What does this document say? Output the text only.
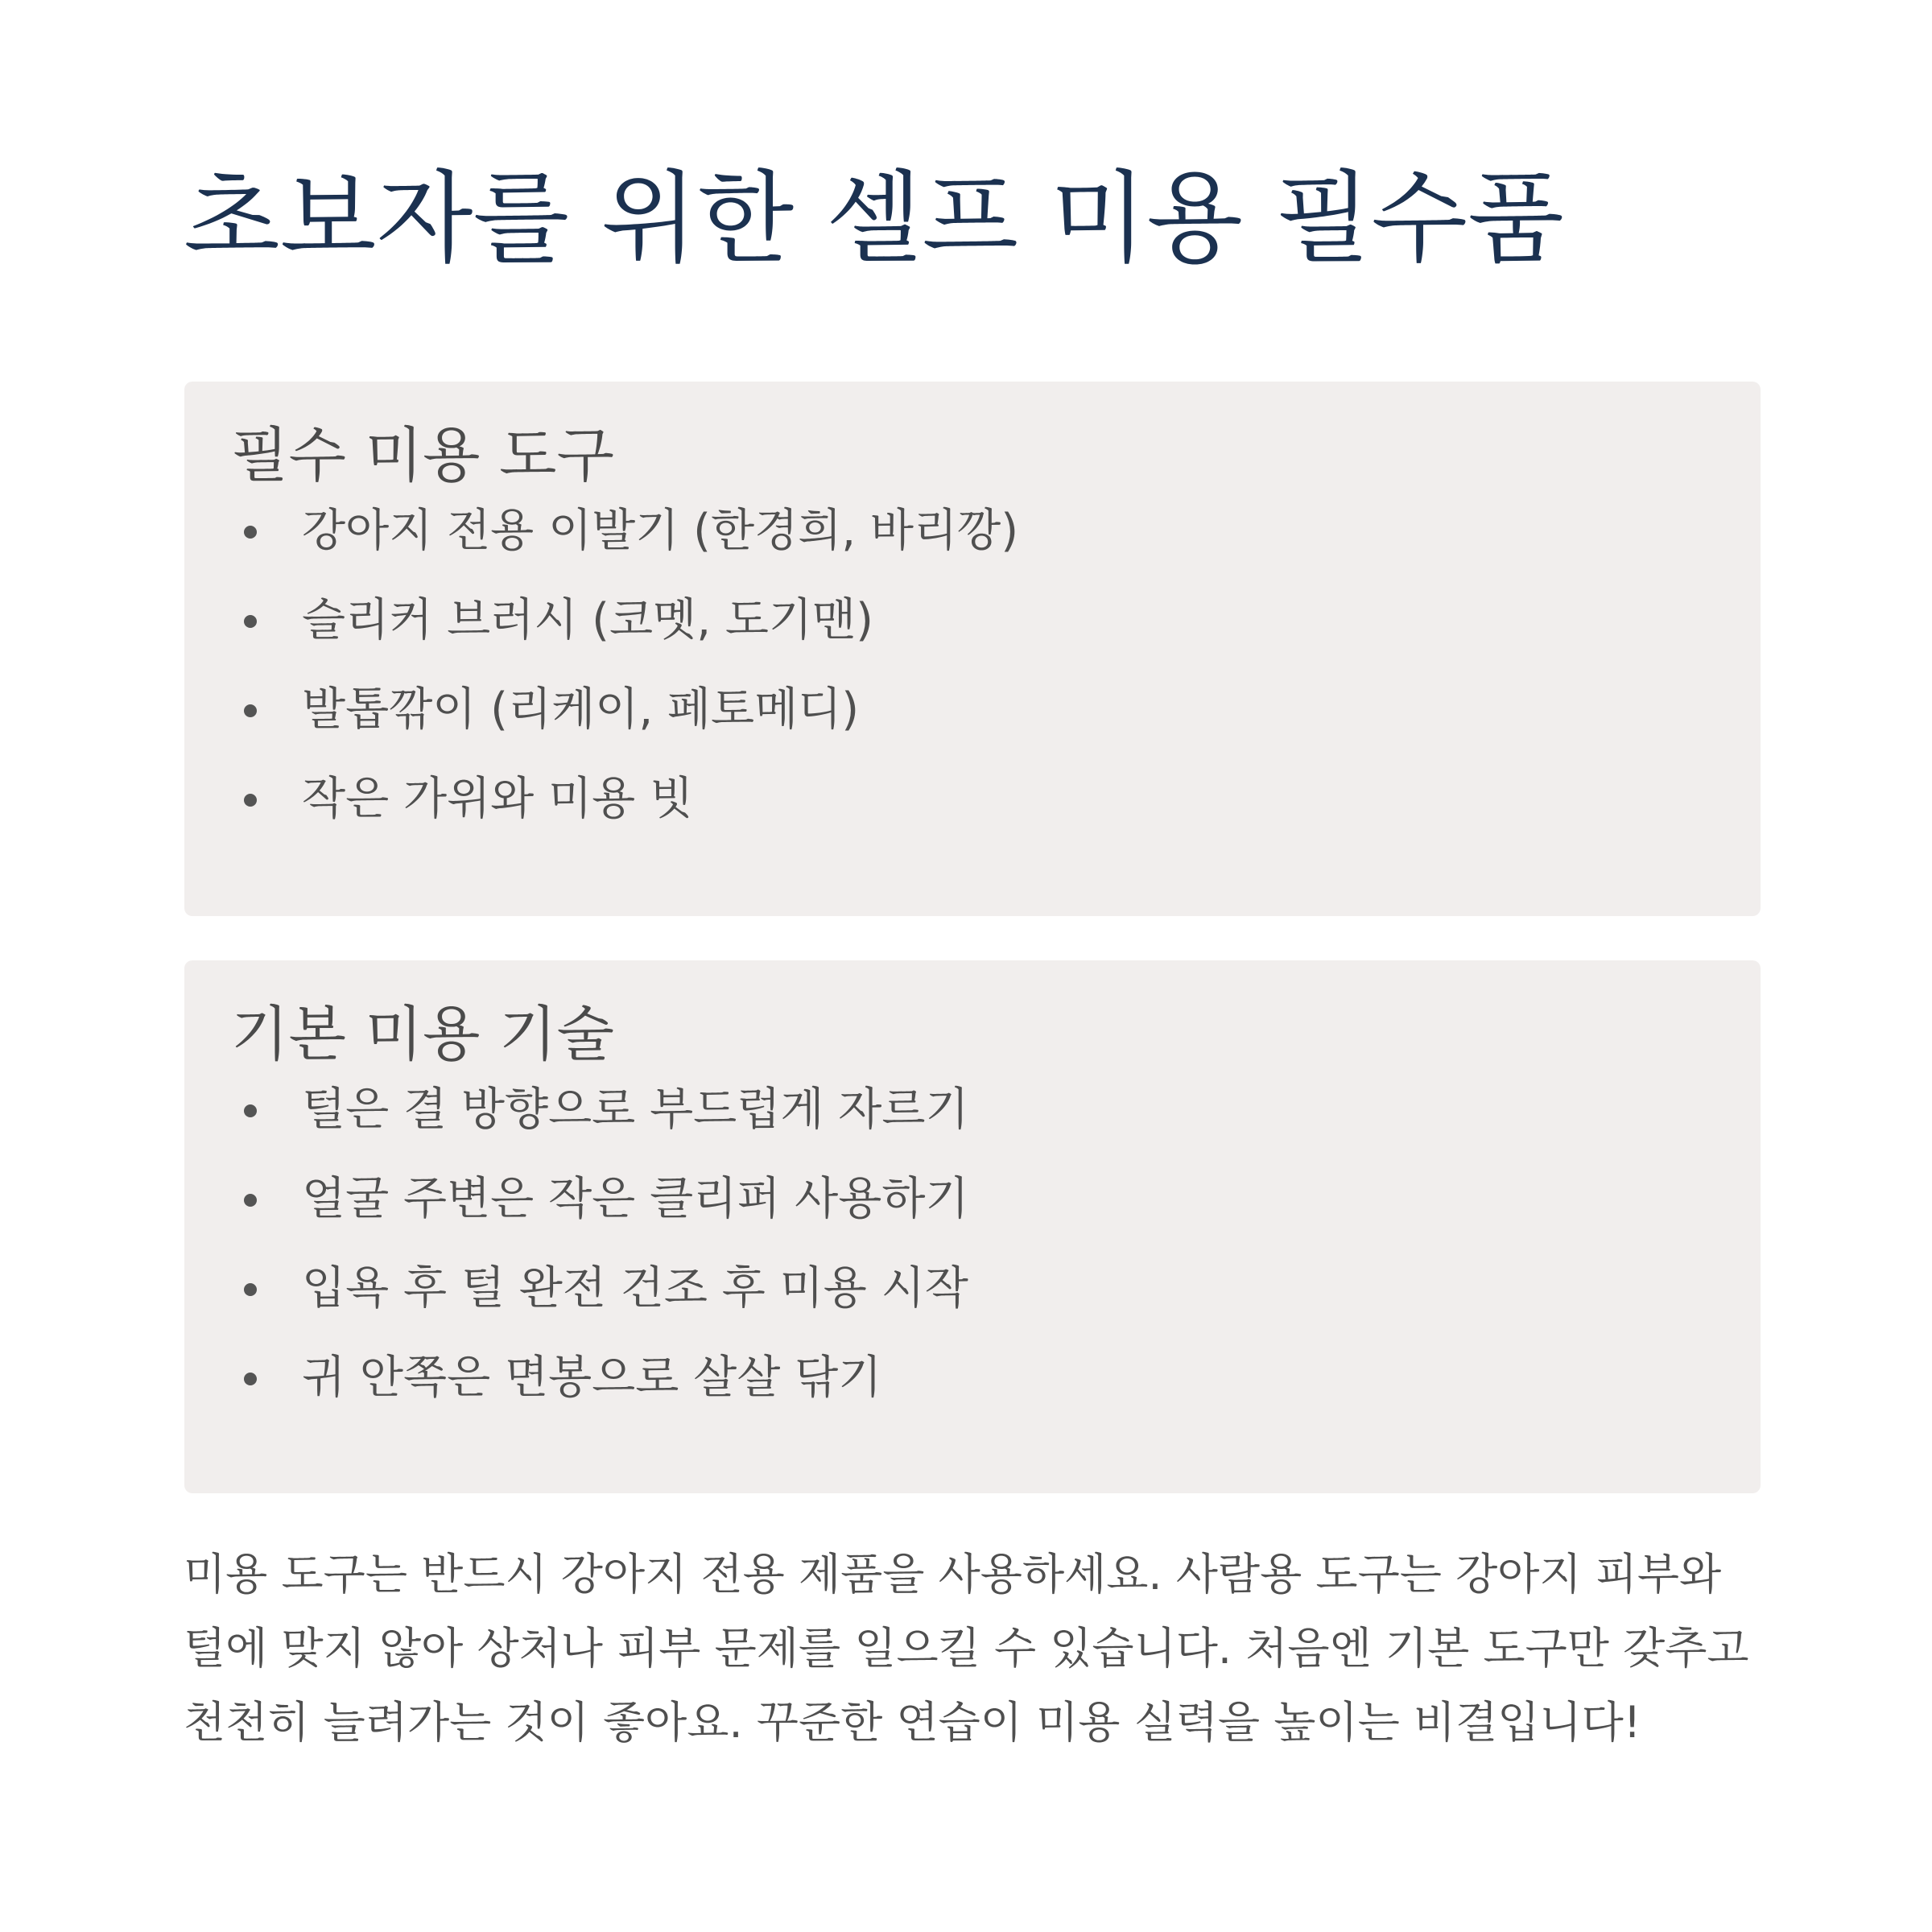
초보자를 위한 셀프 미용 필수품
필수 미용 도구
강아지 전용 이발기 (한경희, 바리깡)
슬리커 브러시 (코멧, 도기맨)
발톱깎이 (리케이, 페토메디)
작은 가위와 미용 빗
기본 미용 기술
털은 결 방향으로 부드럽게 자르기
얼굴 주변은 작은 클리퍼 사용하기
입욕 후 털 완전 건조 후 미용 시작
귀 안쪽은 면봉으로 살살 닦기

미용 도구는 반드시 강아지 전용 제품을 사용하세요. 사람용 도구는 강아지 피부와 털에 맞지 않아 상처나 피부 문제를 일으킬 수 있습니다. 처음엔 기본 도구만 갖추고 천천히 늘려가는 것이 좋아요. 꾸준한 연습이 미용 실력을 높이는 비결입니다!
